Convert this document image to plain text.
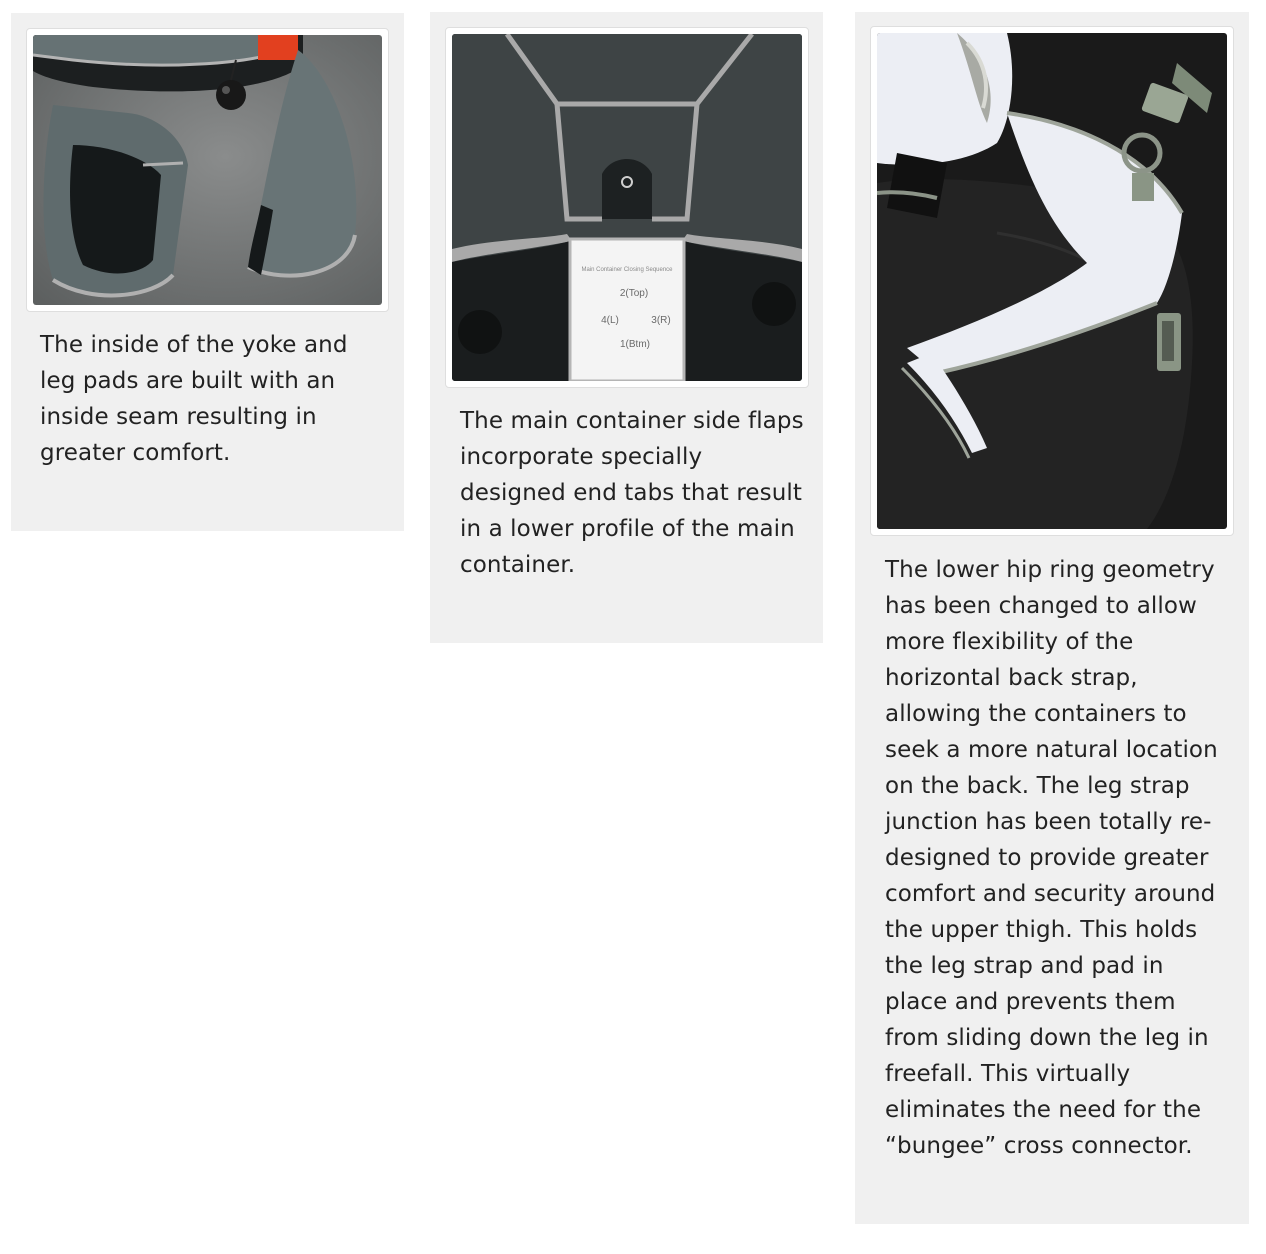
The inside of the yoke and leg pads are built with an inside seam resulting in greater comfort.

Main Container Closing Sequence
2(Top)
4(L)	3(R)
1(Btm)

The main container side flaps incorporate specially designed end tabs that result in a lower profile of the main container.	The lower hip ring geometry has been changed to allow more flexibility of the horizontal back strap, allowing the containers to seek a more natural location on the back. The leg strap junction has been totally re-designed to provide greater comfort and security around the upper thigh. This holds the leg strap and pad in place and prevents them from sliding down the leg in freefall. This virtually eliminates the need for the “bungee” cross connector.
